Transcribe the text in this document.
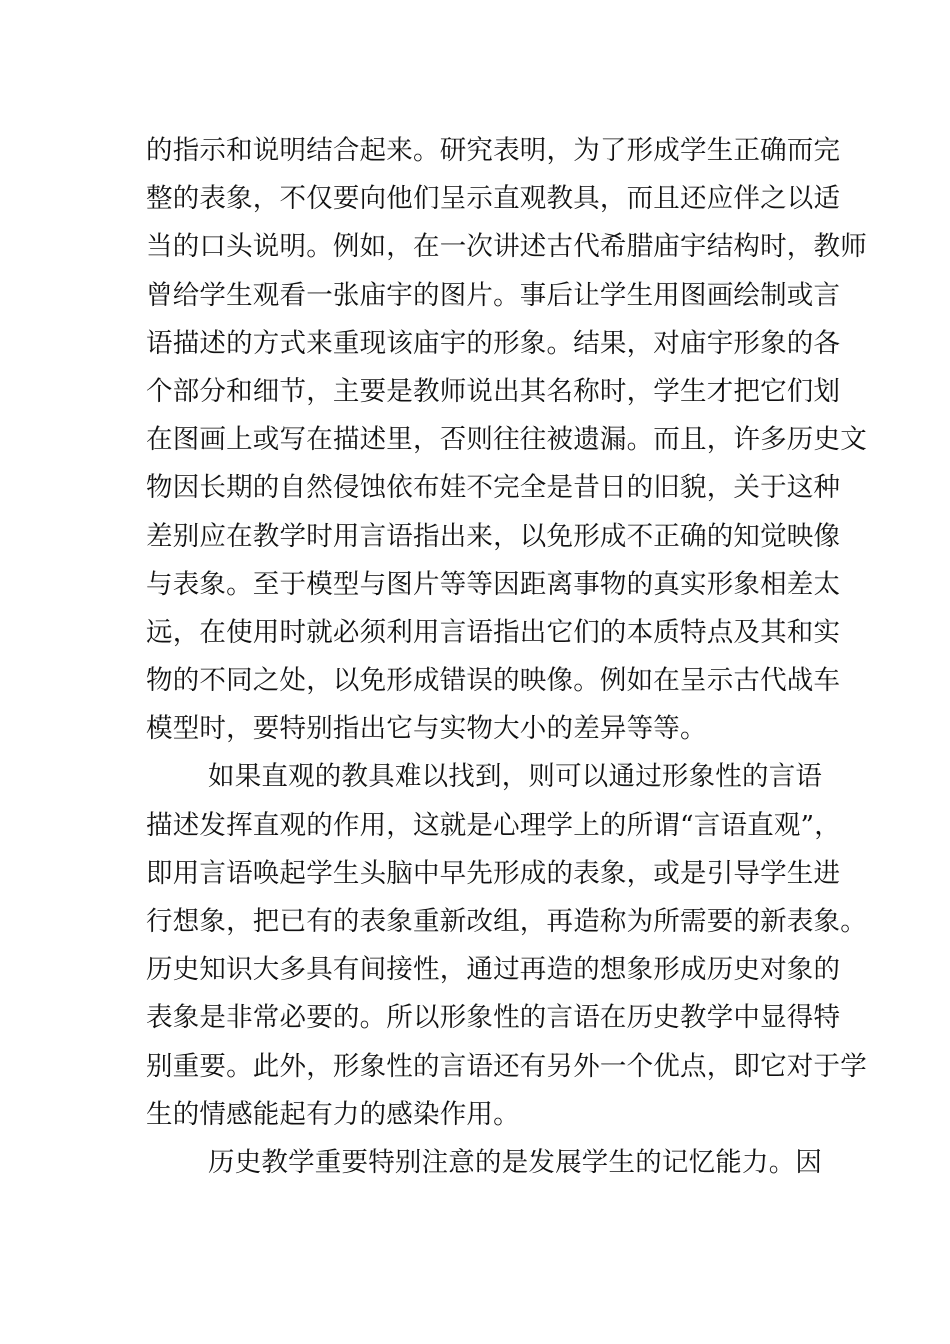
的指示和说明结合起来。研究表明，为了形成学生正确而完
整的表象，不仅要向他们呈示直观教具，而且还应伴之以适
当的口头说明。例如，在一次讲述古代希腊庙宇结构时，教师
曾给学生观看一张庙宇的图片。事后让学生用图画绘制或言
语描述的方式来重现该庙宇的形象。结果，对庙宇形象的各
个部分和细节，主要是教师说出其名称时，学生才把它们划
在图画上或写在描述里，否则往往被遗漏。而且，许多历史文
物因长期的自然侵蚀依布娃不完全是昔日的旧貌，关于这种
差别应在教学时用言语指出来，以免形成不正确的知觉映像
与表象。至于模型与图片等等因距离事物的真实形象相差太
远，在使用时就必须利用言语指出它们的本质特点及其和实
物的不同之处，以免形成错误的映像。例如在呈示古代战车
模型时，要特别指出它与实物大小的差异等等。
如果直观的教具难以找到，则可以通过形象性的言语
描述发挥直观的作用，这就是心理学上的所谓“言语直观”，
即用言语唤起学生头脑中早先形成的表象，或是引导学生进
行想象，把已有的表象重新改组，再造称为所需要的新表象。
历史知识大多具有间接性，通过再造的想象形成历史对象的
表象是非常必要的。所以形象性的言语在历史教学中显得特
别重要。此外，形象性的言语还有另外一个优点，即它对于学
生的情感能起有力的感染作用。
历史教学重要特别注意的是发展学生的记忆能力。因
